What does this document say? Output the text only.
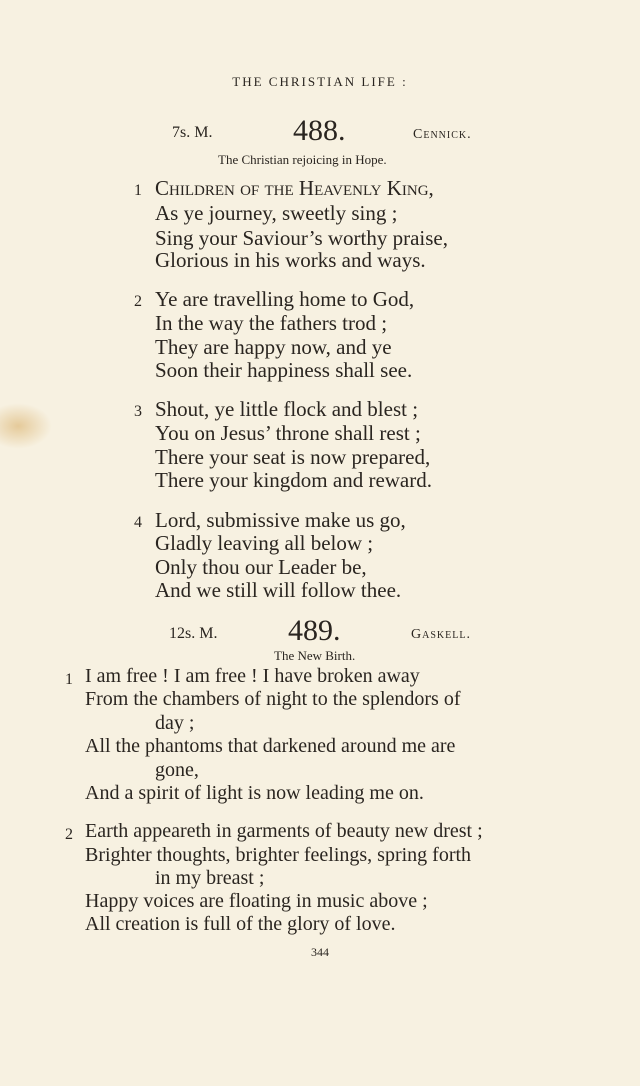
THE CHRISTIAN LIFE :
7s. M.	488.	Cennick.
The Christian rejoicing in Hope.
1 Children of the Heavenly King,
As ye journey, sweetly sing ;
Sing your Saviour’s worthy praise,
Glorious in his works and ways.
2 Ye are travelling home to God,
In the way the fathers trod ;
They are happy now, and ye
Soon their happiness shall see.
3 Shout, ye little flock and blest ;
You on Jesus’ throne shall rest ;
There your seat is now prepared,
There your kingdom and reward.
4 Lord, submissive make us go,
Gladly leaving all below ;
Only thou our Leader be,
And we still will follow thee.
12s. M. 489.	Gaskell.
The New Birth.
1 I am free ! I am free ! I have broken away
From the chambers of night to the splendors of
day ;
All the phantoms that darkened around me are
gone,
And a spirit of light is now leading me on.
2 Earth appeareth in garments of beauty new drest ;
Brighter thoughts, brighter feelings, spring forth
in my breast ;
Happy voices are floating in music above ;
All creation is full of the glory of love.
344
